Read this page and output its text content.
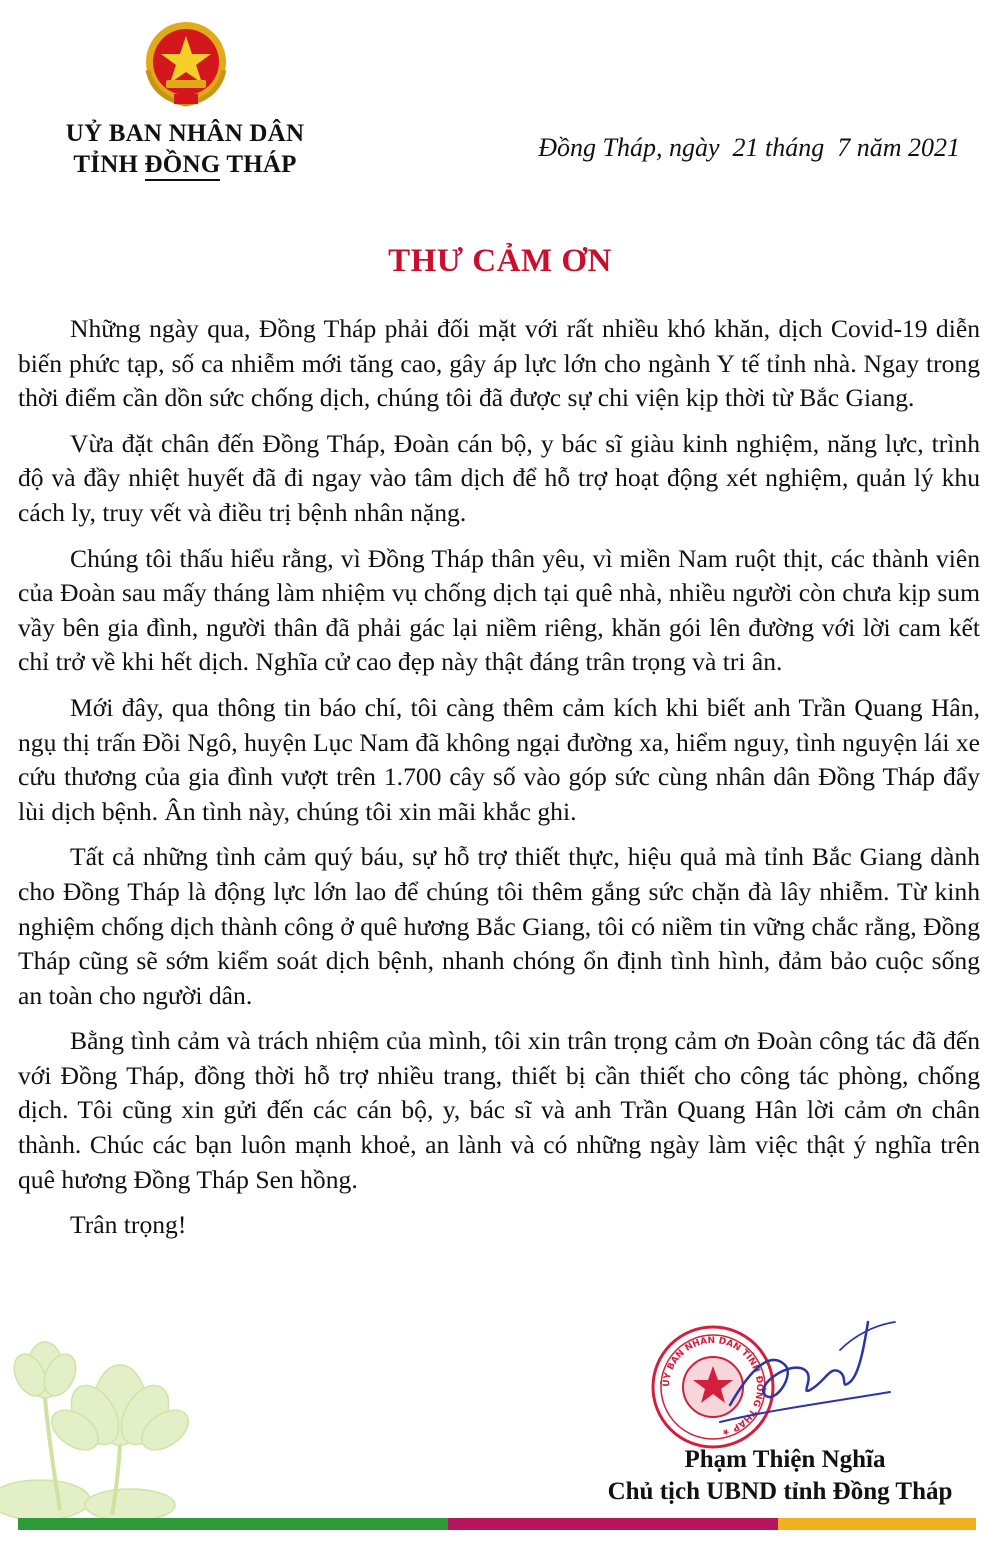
UỶ BAN NHÂN DÂN
TỈNH ĐỒNG THÁP
Đồng Tháp, ngày  21 tháng  7 năm 2021
THƯ CẢM ƠN

Những ngày qua, Đồng Tháp phải đối mặt với rất nhiều khó khăn, dịch Covid-19 diễn biến phức tạp, số ca nhiễm mới tăng cao, gây áp lực lớn cho ngành Y tế tỉnh nhà. Ngay trong thời điểm cần dồn sức chống dịch, chúng tôi đã được sự chi viện kịp thời từ Bắc Giang.

Vừa đặt chân đến Đồng Tháp, Đoàn cán bộ, y bác sĩ giàu kinh nghiệm, năng lực, trình độ và đầy nhiệt huyết đã đi ngay vào tâm dịch để hỗ trợ hoạt động xét nghiệm, quản lý khu cách ly, truy vết và điều trị bệnh nhân nặng.

Chúng tôi thấu hiểu rằng, vì Đồng Tháp thân yêu, vì miền Nam ruột thịt, các thành viên của Đoàn sau mấy tháng làm nhiệm vụ chống dịch tại quê nhà, nhiều người còn chưa kịp sum vầy bên gia đình, người thân đã phải gác lại niềm riêng, khăn gói lên đường với lời cam kết chỉ trở về khi hết dịch. Nghĩa cử cao đẹp này thật đáng trân trọng và tri ân.

Mới đây, qua thông tin báo chí, tôi càng thêm cảm kích khi biết anh Trần Quang Hân, ngụ thị trấn Đồi Ngô, huyện Lục Nam đã không ngại đường xa, hiểm nguy, tình nguyện lái xe cứu thương của gia đình vượt trên 1.700 cây số vào góp sức cùng nhân dân Đồng Tháp đẩy lùi dịch bệnh. Ân tình này, chúng tôi xin mãi khắc ghi.

Tất cả những tình cảm quý báu, sự hỗ trợ thiết thực, hiệu quả mà tỉnh Bắc Giang dành cho Đồng Tháp là động lực lớn lao để chúng tôi thêm gắng sức chặn đà lây nhiễm. Từ kinh nghiệm chống dịch thành công ở quê hương Bắc Giang, tôi có niềm tin vững chắc rằng, Đồng Tháp cũng sẽ sớm kiểm soát dịch bệnh, nhanh chóng ổn định tình hình, đảm bảo cuộc sống an toàn cho người dân.

Bằng tình cảm và trách nhiệm của mình, tôi xin trân trọng cảm ơn Đoàn công tác đã đến với Đồng Tháp, đồng thời hỗ trợ nhiều trang, thiết bị cần thiết cho công tác phòng, chống dịch. Tôi cũng xin gửi đến các cán bộ, y, bác sĩ và anh Trần Quang Hân lời cảm ơn chân thành. Chúc các bạn luôn mạnh khoẻ, an lành và có những ngày làm việc thật ý nghĩa trên quê hương Đồng Tháp Sen hồng.

Trân trọng!

ỦY BAN NHÂN DÂN TỈNH ĐỒNG THÁP ★
Phạm Thiện Nghĩa
Chủ tịch UBND tỉnh Đồng Tháp
